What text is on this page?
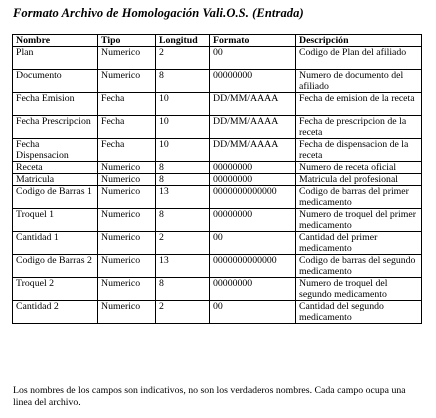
Formato Archivo de Homologación Vali.O.S. (Entrada)
Nombre	Tipo	Longitud	Formato	Descripción
Plan	Numerico	2	00	Codigo de Plan del afiliado
Documento	Numerico	8	00000000	Numero de documento del afiliado
Fecha Emision	Fecha	10	DD/MM/AAAA	Fecha de emision de la receta
Fecha Prescripcion	Fecha	10	DD/MM/AAAA	Fecha de prescripcion de la receta
Fecha Dispensacion	Fecha	10	DD/MM/AAAA	Fecha de dispensacion de la receta
Receta	Numerico	8	00000000	Numero de receta oficial
Matricula	Numerico	8	00000000	Matricula del profesional
Codigo de Barras 1	Numerico	13	0000000000000	Codigo de barras del primer medicamento
Troquel 1	Numerico	8	00000000	Numero de troquel del primer medicamento
Cantidad 1	Numerico	2	00	Cantidad del primer medicamento
Codigo de Barras 2	Numerico	13	0000000000000	Codigo de barras del segundo medicamento
Troquel 2	Numerico	8	00000000	Numero de troquel del segundo medicamento
Cantidad 2	Numerico	2	00	Cantidad del segundo medicamento
Los nombres de los campos son indicativos, no son los verdaderos nombres. Cada campo ocupa una linea del archivo.
